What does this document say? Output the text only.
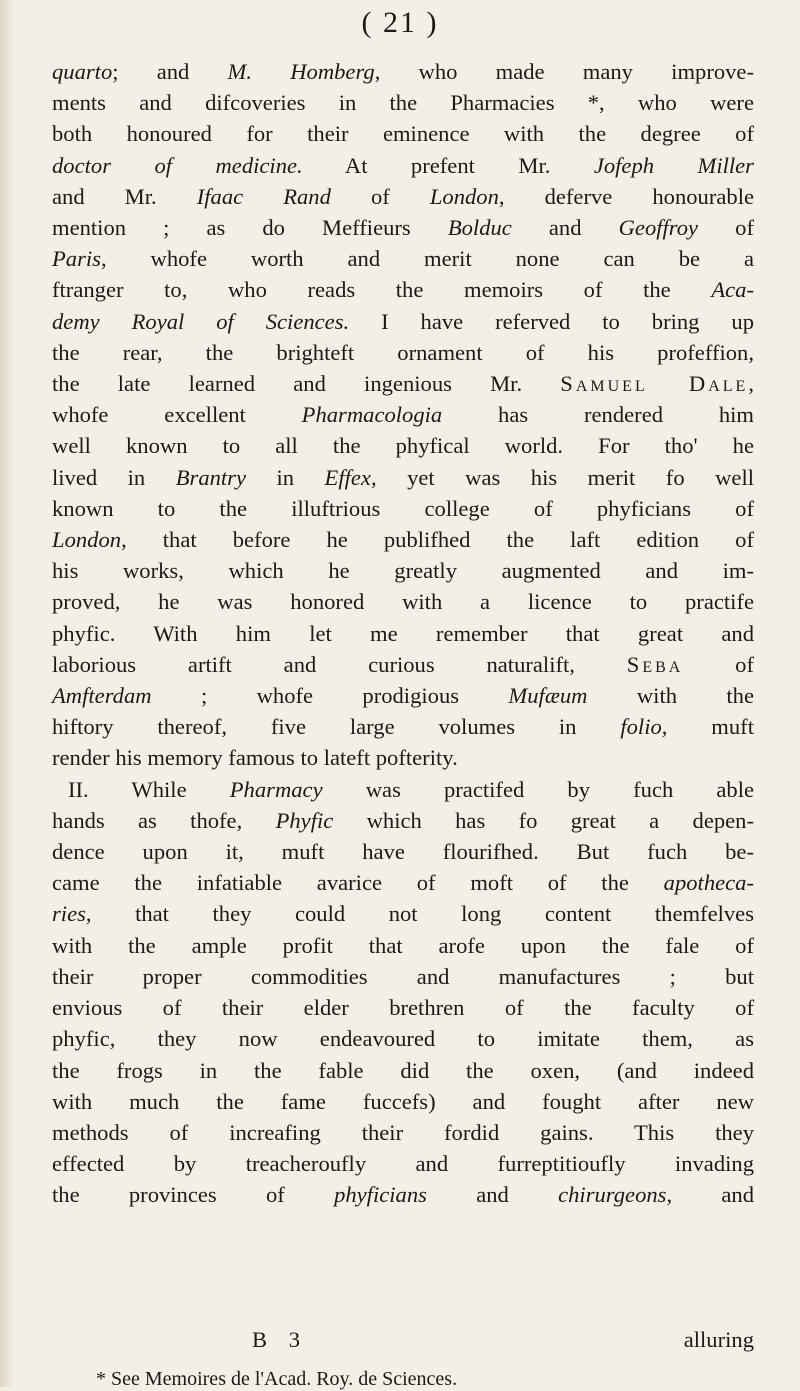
( 21 )
quarto; and M. Homberg, who made many improve-
ments and difcoveries in the Pharmacies *, who were
both honoured for their eminence with the degree of
doctor of medicine. At prefent Mr. Jofeph Miller
and Mr. Ifaac Rand of London, deferve honourable
mention ; as do Meffieurs Bolduc and Geoffroy of
Paris, whofe worth and merit none can be a
ftranger to, who reads the memoirs of the Aca-
demy Royal of Sciences. I have referved to bring up
the rear, the brighteft ornament of his profeffion,
the late learned and ingenious Mr. Samuel Dale,
whofe excellent Pharmacologia has rendered him
well known to all the phyfical world. For tho' he
lived in Brantry in Effex, yet was his merit fo well
known to the illuftrious college of phyficians of
London, that before he publifhed the laft edition of
his works, which he greatly augmented and im-
proved, he was honored with a licence to practife
phyfic. With him let me remember that great and
laborious artift and curious naturalift, Seba of
Amfterdam ; whofe prodigious Mufæum with the
hiftory thereof, five large volumes in folio, muft
render his memory famous to lateft pofterity.
II. While Pharmacy was practifed by fuch able
hands as thofe, Phyfic which has fo great a depen-
dence upon it, muft have flourifhed. But fuch be-
came the infatiable avarice of moft of the apotheca-
ries, that they could not long content themfelves
with the ample profit that arofe upon the fale of
their proper commodities and manufactures ; but
envious of their elder brethren of the faculty of
phyfic, they now endeavoured to imitate them, as
the frogs in the fable did the oxen, (and indeed
with much the fame fuccefs) and fought after new
methods of increafing their fordid gains. This they
effected by treacheroufly and furreptitioufly invading
the provinces of phyficians and chirurgeons, and
B 3	alluring
* See Memoires de l'Acad. Roy. de Sciences.
